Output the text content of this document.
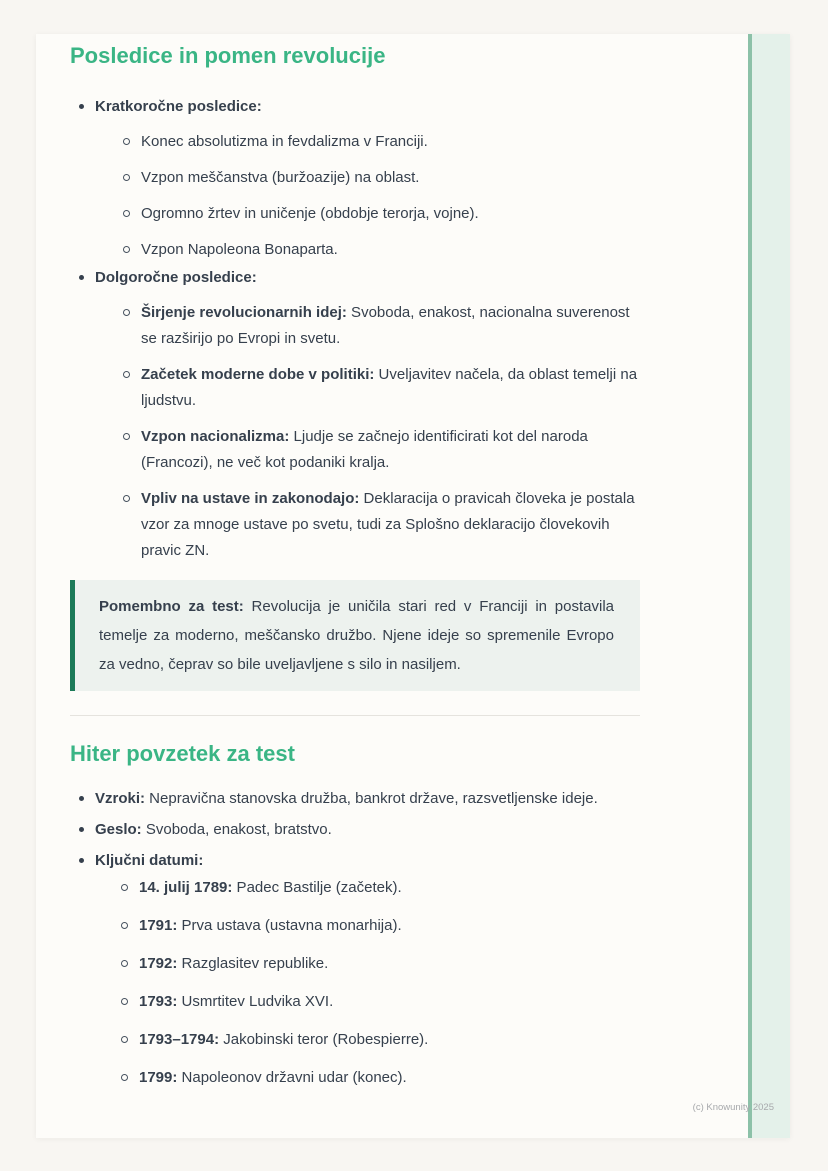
Posledice in pomen revolucije
Kratkoročne posledice:
Konec absolutizma in fevdalizma v Franciji.
Vzpon meščanstva (buržoazije) na oblast.
Ogromno žrtev in uničenje (obdobje terorja, vojne).
Vzpon Napoleona Bonaparta.
Dolgoročne posledice:
Širjenje revolucionarnih idej: Svoboda, enakost, nacionalna suverenost se razširijo po Evropi in svetu.
Začetek moderne dobe v politiki: Uveljavitev načela, da oblast temelji na ljudstvu.
Vzpon nacionalizma: Ljudje se začnejo identificirati kot del naroda (Francozi), ne več kot podaniki kralja.
Vpliv na ustave in zakonodajo: Deklaracija o pravicah človeka je postala vzor za mnoge ustave po svetu, tudi za Splošno deklaracijo človekovih pravic ZN.

Pomembno za test: Revolucija je uničila stari red v Franciji in postavila temelje za moderno, meščansko družbo. Njene ideje so spremenile Evropo za vedno, čeprav so bile uveljavljene s silo in nasiljem.

Hiter povzetek za test
Vzroki: Nepravična stanovska družba, bankrot države, razsvetljenske ideje.
Geslo: Svoboda, enakost, bratstvo.
Ključni datumi:
14. julij 1789: Padec Bastilje (začetek).
1791: Prva ustava (ustavna monarhija).
1792: Razglasitev republike.
1793: Usmrtitev Ludvika XVI.
1793–1794: Jakobinski teror (Robespierre).
1799: Napoleonov državni udar (konec).
(c) Knowunity 2025
